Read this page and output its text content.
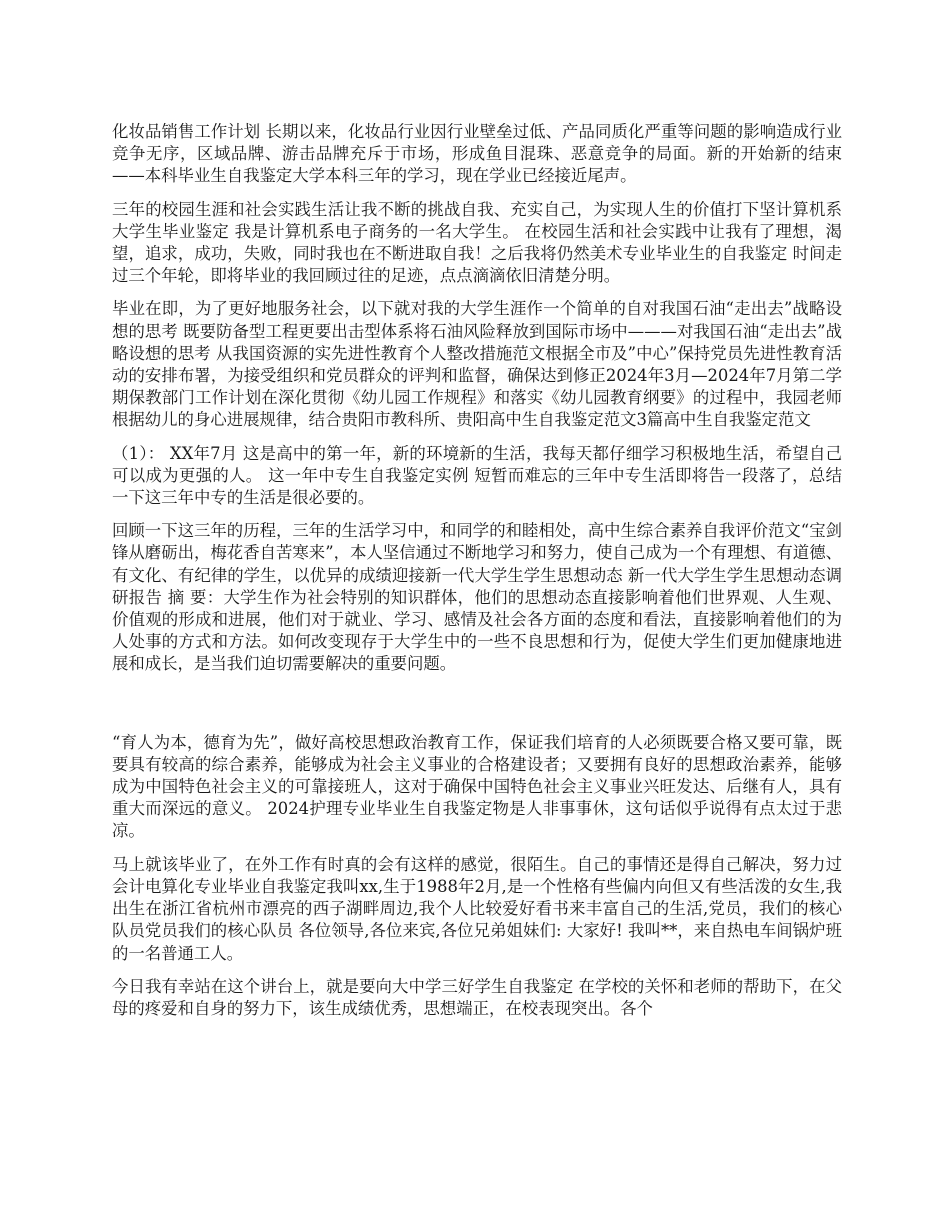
化妆品销售工作计划 长期以来，化妆品行业因行业壁垒过低、产品同质化严重等问题的影响造成行业竞争无序，区域品牌、游击品牌充斥于市场，形成鱼目混珠、恶意竞争的局面。新的开始新的结束——本科毕业生自我鉴定大学本科三年的学习，现在学业已经接近尾声。

三年的校园生涯和社会实践生活让我不断的挑战自我、充实自己，为实现人生的价值打下坚计算机系大学生毕业鉴定 我是计算机系电子商务的一名大学生。 在校园生活和社会实践中让我有了理想，渴望，追求，成功，失败，同时我也在不断进取自我！之后我将仍然美术专业毕业生的自我鉴定 时间走过三个年轮，即将毕业的我回顾过往的足迹，点点滴滴依旧清楚分明。

毕业在即，为了更好地服务社会，以下就对我的大学生涯作一个简单的自对我国石油“走出去”战略设想的思考 既要防备型工程更要出击型体系将石油风险释放到国际市场中———对我国石油“走出去”战略设想的思考 从我国资源的实先进性教育个人整改措施范文根据全市及”中心”保持党员先进性教育活动的安排布署，为接受组织和党员群众的评判和监督，确保达到修正2024年3月—2024年7月第二学期保教部门工作计划在深化贯彻《幼儿园工作规程》和落实《幼儿园教育纲要》的过程中，我园老师根据幼儿的身心进展规律，结合贵阳市教科所、贵阳高中生自我鉴定范文3篇高中生自我鉴定范文

（1）： XX年7月 这是高中的第一年，新的环境新的生活，我每天都仔细学习积极地生活，希望自己可以成为更强的人。 这一年中专生自我鉴定实例 短暂而难忘的三年中专生活即将告一段落了，总结一下这三年中专的生活是很必要的。

回顾一下这三年的历程，三年的生活学习中，和同学的和睦相处，高中生综合素养自我评价范文“宝剑锋从磨砺出，梅花香自苦寒来”，本人坚信通过不断地学习和努力，使自己成为一个有理想、有道德、有文化、有纪律的学生，以优异的成绩迎接新一代大学生学生思想动态 新一代大学生学生思想动态调研报告 摘 要：大学生作为社会特别的知识群体，他们的思想动态直接影响着他们世界观、人生观、价值观的形成和进展，他们对于就业、学习、感情及社会各方面的态度和看法，直接影响着他们的为人处事的方式和方法。如何改变现存于大学生中的一些不良思想和行为，促使大学生们更加健康地进展和成长，是当我们迫切需要解决的重要问题。

“育人为本，德育为先”，做好高校思想政治教育工作，保证我们培育的人必须既要合格又要可靠，既要具有较高的综合素养，能够成为社会主义事业的合格建设者；又要拥有良好的思想政治素养，能够成为中国特色社会主义的可靠接班人，这对于确保中国特色社会主义事业兴旺发达、后继有人，具有重大而深远的意义。 2024护理专业毕业生自我鉴定物是人非事事休，这句话似乎说得有点太过于悲凉。

马上就该毕业了，在外工作有时真的会有这样的感觉，很陌生。自己的事情还是得自己解决，努力过会计电算化专业毕业自我鉴定我叫xx,生于1988年2月,是一个性格有些偏内向但又有些活泼的女生,我出生在浙江省杭州市漂亮的西子湖畔周边,我个人比较爱好看书来丰富自己的生活,党员，我们的核心队员党员我们的核心队员 各位领导,各位来宾,各位兄弟姐妹们: 大家好! 我叫**，来自热电车间锅炉班的一名普通工人。

今日我有幸站在这个讲台上，就是要向大中学三好学生自我鉴定 在学校的关怀和老师的帮助下，在父母的疼爱和自身的努力下，该生成绩优秀，思想端正，在校表现突出。各个
